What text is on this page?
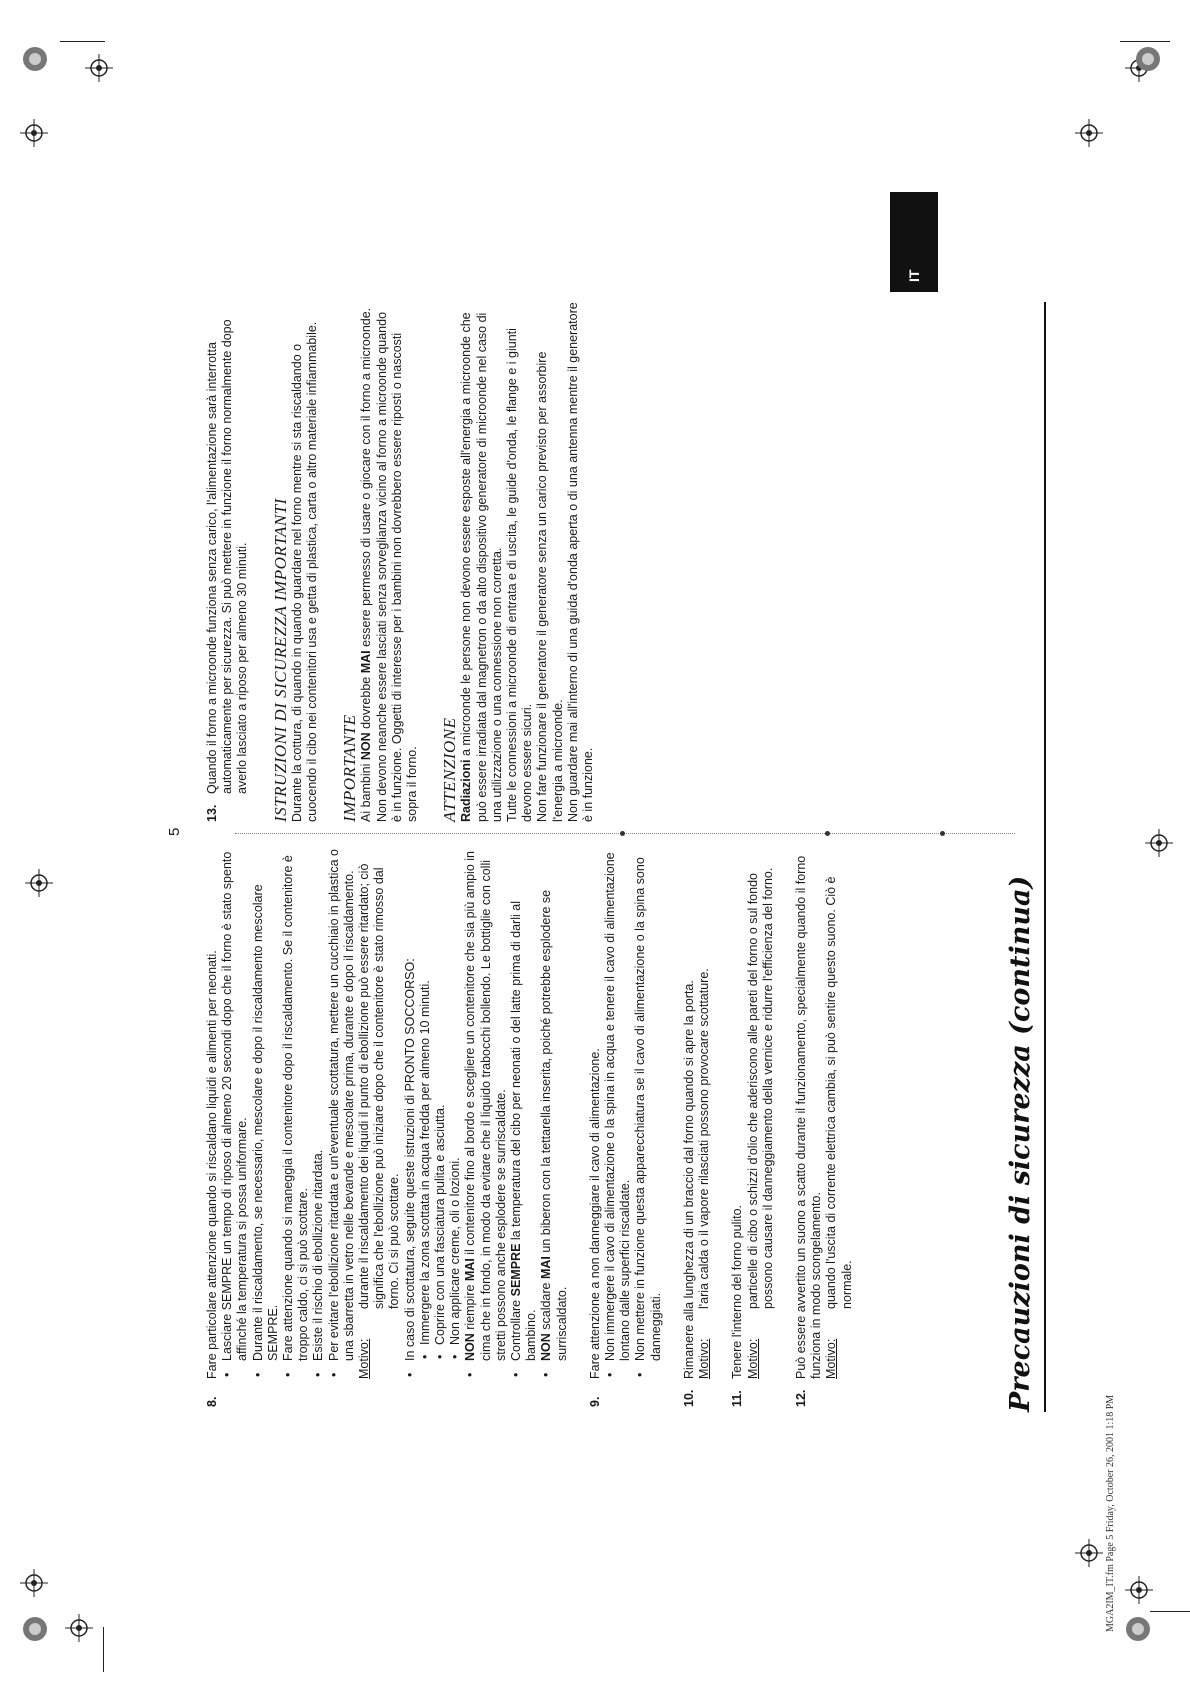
MGA2IM_IT.fm Page 5 Friday, October 26, 2001 1:18 PM
Precauzioni di sicurezza (continua)
IT
8.
Fare particolare attenzione quando si riscaldano liquidi e alimenti per neonati. • Lasciare SEMPRE un tempo di riposo di almeno 20 secondi dopo che il forno è stato spento affinché la temperatura si possa uniformare. • Durante il riscaldamento, se necessario, mescolare e dopo il riscaldamento mescolare SEMPRE. • Fare attenzione quando si maneggia il contenitore dopo il riscaldamento. Se il contenitore è troppo caldo, ci si può scottare. • Esiste il rischio di ebollizione ritardata. • Per evitare l'ebollizione ritardata e un'eventuale scottatura, mettere un cucchiaio in plastica o una sbarretta in vetro nelle bevande e mescolare prima, durante e dopo il riscaldamento. Motivo:
durante il riscaldamento dei liquidi il punto di ebollizione può essere ritardato; ciò significa che l'ebollizione può iniziare dopo che il contenitore è stato rimosso dal forno. Ci si può scottare. • In caso di scottatura, seguite queste istruzioni di PRONTO SOCCORSO: • Immergere la zona scottata in acqua fredda per almeno 10 minuti. • Coprire con una fasciatura pulita e asciutta. • Non applicare creme, oli o lozioni.
• NON riempire MAI il contenitore fino al bordo e scegliere un contenitore che sia più ampio in cima che in fondo, in modo da evitare che il liquido trabocchi bollendo. Le bottiglie con colli stretti possono anche esplodere se surriscaldate. • Controllare SEMPRE la temperatura del cibo per neonati o del latte prima di darli al bambino. • NON scaldare MAI un biberon con la tettarella inserita, poiché potrebbe esplodere se surriscaldato.
9.
Fare attenzione a non danneggiare il cavo di alimentazione. • Non immergere il cavo di alimentazione o la spina in acqua e tenere il cavo di alimentazione lontano dalle superfici riscaldate. • Non mettere in funzione questa apparecchiatura se il cavo di alimentazione o la spina sono danneggiati.
10.
Rimanere alla lunghezza di un braccio dal forno quando si apre la porta. Motivo:
l'aria calda o il vapore rilasciati possono provocare scottature.
11.
Tenere l'interno del forno pulito. Motivo:
particelle di cibo o schizzi d'olio che aderiscono alle pareti del forno o sul fondo possono causare il danneggiamento della vernice e ridurre l'efficienza del forno.
12.
Può essere avvertito un suono a scatto durante il funzionamento, specialmente quando il forno funziona in modo scongelamento. Motivo:
quando l'uscita di corrente elettrica cambia, si può sentire questo suono. Ciò è normale.
13.
Quando il forno a microonde funziona senza carico, l'alimentazione sarà interrotta automaticamente per sicurezza. Si può mettere in funzione il forno normalmente dopo averlo lasciato a riposo per almeno 30 minuti. ISTRUZIONI DI SICUREZZA IMPORTANTI Durante la cottura, di quando in quando guardare nel forno mentre si sta riscaldando o cuocendo il cibo nei contenitori usa e getta di plastica, carta o altro materiale infiammabile. IMPORTANTE Ai bambini NON dovrebbe MAI essere permesso di usare o giocare con il forno a microonde. Non devono neanche essere lasciati senza sorveglianza vicino al forno a microonde quando è in funzione. Oggetti di interesse per i bambini non dovrebbero essere riposti o nascosti sopra il forno. ATTENZIONE Radiazioni a microonde le persone non devono essere esposte all'energia a microonde che può essere irradiata dal magnetron o da alto dispositivo generatore di microonde nel caso di una utilizzazione o una connessione non corretta. Tutte le connessioni a microonde di entrata e di uscita, le guide d'onda, le flange e i giunti devono essere sicuri. Non fare funzionare il generatore il generatore senza un carico previsto per assorbire l'energia a microonde. Non guardare mai all'interno di una guida d'onda aperta o di una antenna mentre il generatore è in funzione.
5
